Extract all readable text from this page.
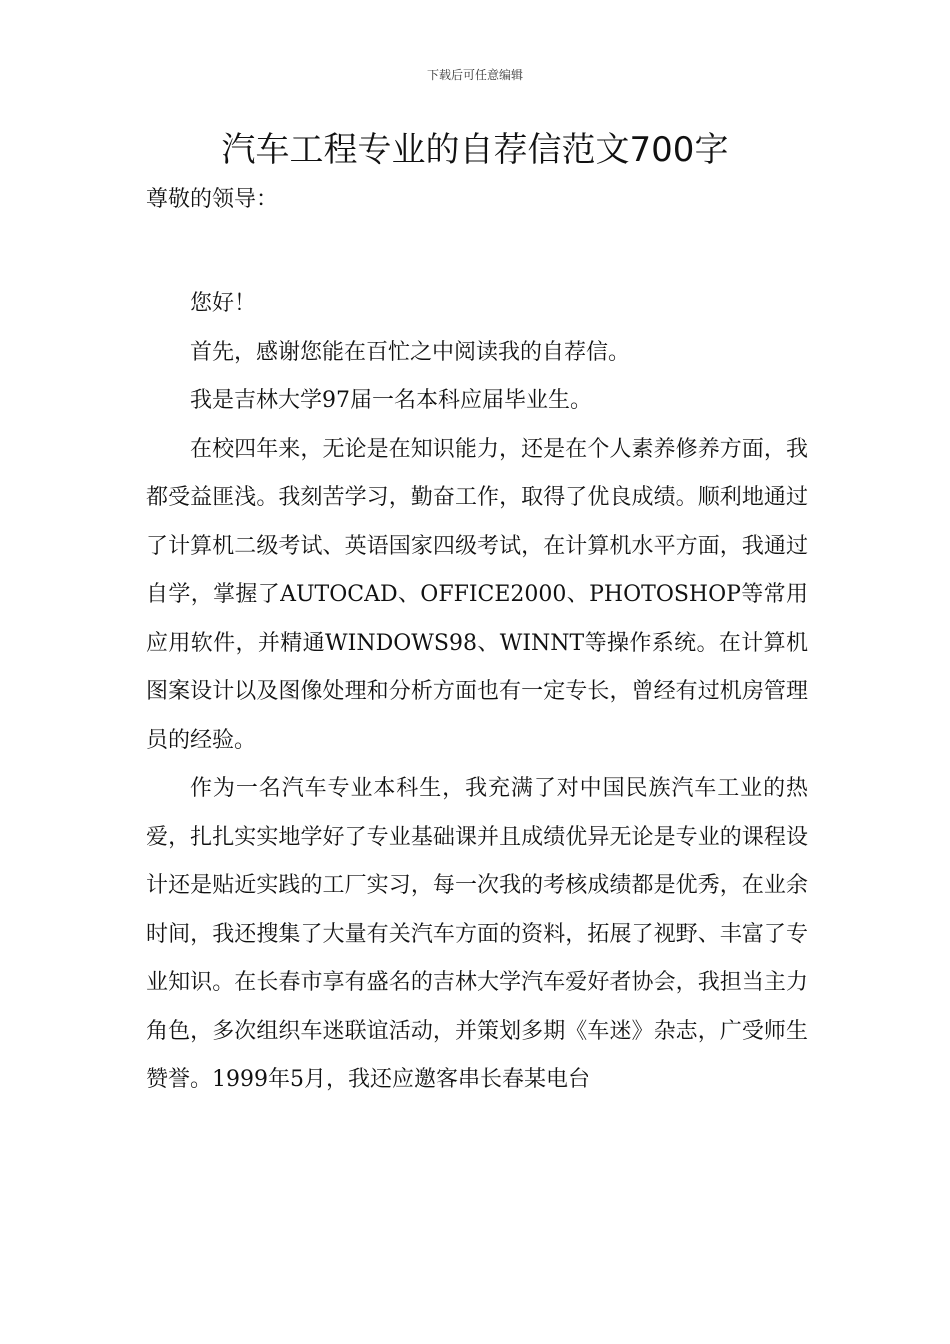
下载后可任意编辑
汽车工程专业的自荐信范文700字
尊敬的领导：

您好！

首先，感谢您能在百忙之中阅读我的自荐信。

我是吉林大学97届一名本科应届毕业生。

在校四年来，无论是在知识能力，还是在个人素养修养方面，我都受益匪浅。我刻苦学习，勤奋工作，取得了优良成绩。顺利地通过了计算机二级考试、英语国家四级考试，在计算机水平方面，我通过自学，掌握了AUTOCAD、OFFICE2000、PHOTOSHOP等常用应用软件，并精通WINDOWS98、WINNT等操作系统。在计算机图案设计以及图像处理和分析方面也有一定专长，曾经有过机房管理员的经验。

作为一名汽车专业本科生，我充满了对中国民族汽车工业的热爱，扎扎实实地学好了专业基础课并且成绩优异无论是专业的课程设计还是贴近实践的工厂实习，每一次我的考核成绩都是优秀，在业余时间，我还搜集了大量有关汽车方面的资料，拓展了视野、丰富了专业知识。在长春市享有盛名的吉林大学汽车爱好者协会，我担当主力角色，多次组织车迷联谊活动，并策划多期《车迷》杂志，广受师生赞誉。1999年5月，我还应邀客串长春某电台
